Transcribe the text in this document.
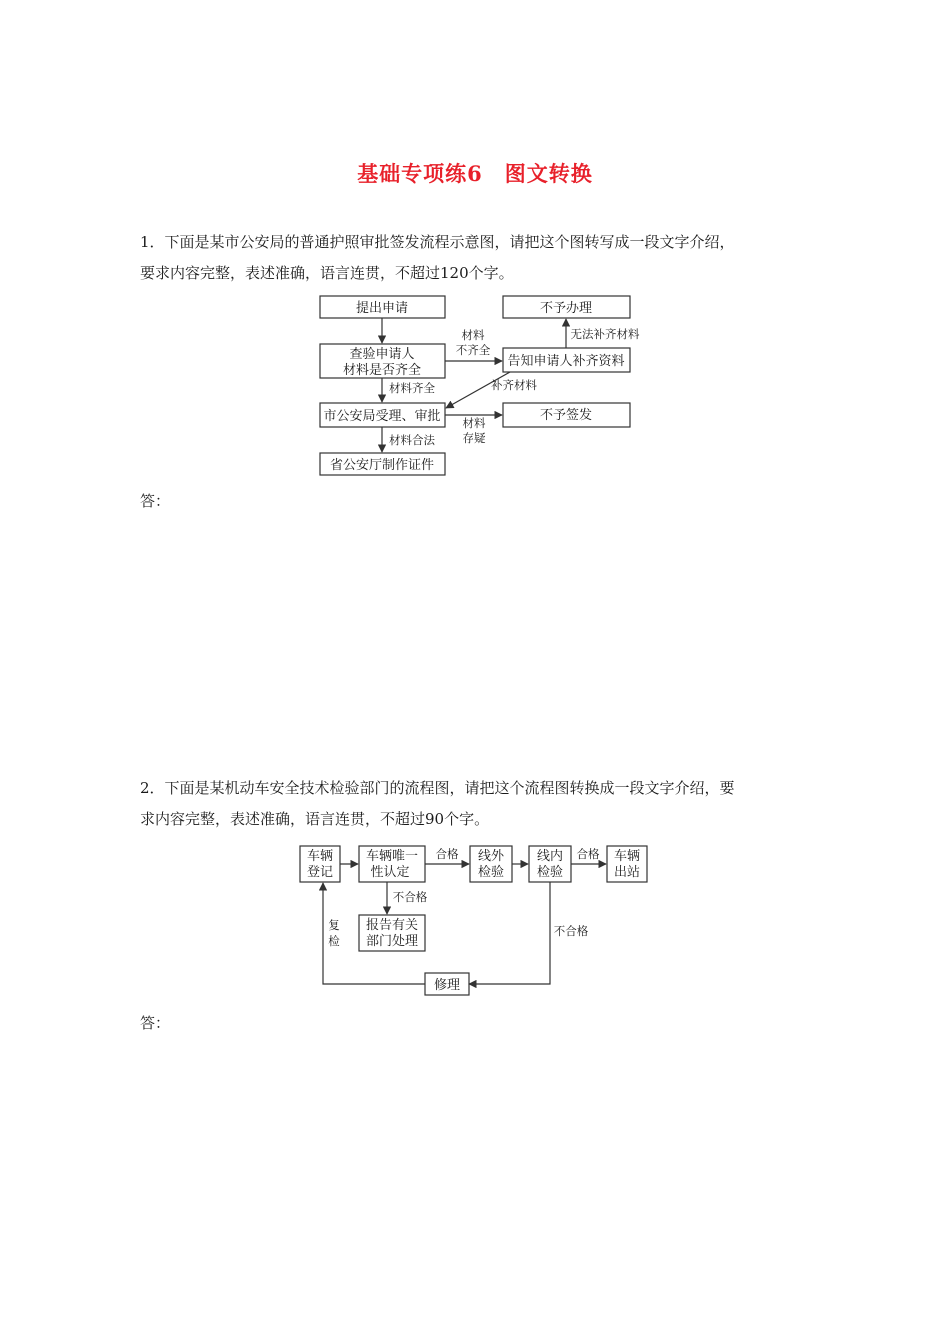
基础专项练6　图文转换
1．下面是某市公安局的普通护照审批签发流程示意图，请把这个图转写成一段文字介绍，
要求内容完整，表述准确，语言连贯，不超过120个字。
提出申请
查验申请人
材料是否齐全
市公安局受理、审批
省公安厅制作证件
不予办理
告知申请人补齐资料
不予签发
材料
不齐全
材料齐全
材料合法
无法补齐材料
补齐材料
材料
存疑
答：
2．下面是某机动车安全技术检验部门的流程图，请把这个流程图转换成一段文字介绍，要
求内容完整，表述准确，语言连贯，不超过90个字。
车辆
登记
车辆唯一
性认定
线外
检验
线内
检验
车辆
出站
报告有关
部门处理
修理
合格	合格
不合格
不合格
复
检
答：
